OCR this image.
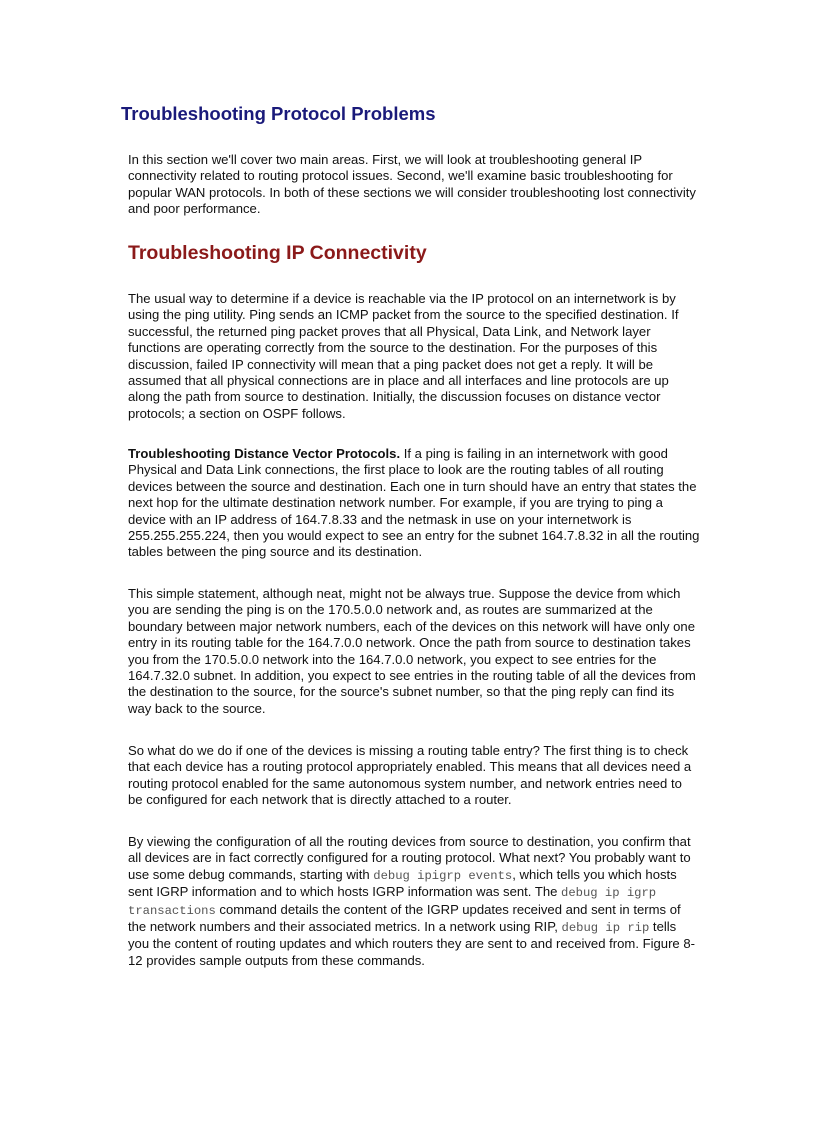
Troubleshooting Protocol Problems

In this section we'll cover two main areas. First, we will look at troubleshooting general IP
connectivity related to routing protocol issues. Second, we'll examine basic troubleshooting for
popular WAN protocols. In both of these sections we will consider troubleshooting lost connectivity
and poor performance.

Troubleshooting IP Connectivity

The usual way to determine if a device is reachable via the IP protocol on an internetwork is by
using the ping utility. Ping sends an ICMP packet from the source to the specified destination. If
successful, the returned ping packet proves that all Physical, Data Link, and Network layer
functions are operating correctly from the source to the destination. For the purposes of this
discussion, failed IP connectivity will mean that a ping packet does not get a reply. It will be
assumed that all physical connections are in place and all interfaces and line protocols are up
along the path from source to destination. Initially, the discussion focuses on distance vector
protocols; a section on OSPF follows.

Troubleshooting Distance Vector Protocols. If a ping is failing in an internetwork with good
Physical and Data Link connections, the first place to look are the routing tables of all routing
devices between the source and destination. Each one in turn should have an entry that states the
next hop for the ultimate destination network number. For example, if you are trying to ping a
device with an IP address of 164.7.8.33 and the netmask in use on your internetwork is
255.255.255.224, then you would expect to see an entry for the subnet 164.7.8.32 in all the routing
tables between the ping source and its destination.

This simple statement, although neat, might not be always true. Suppose the device from which
you are sending the ping is on the 170.5.0.0 network and, as routes are summarized at the
boundary between major network numbers, each of the devices on this network will have only one
entry in its routing table for the 164.7.0.0 network. Once the path from source to destination takes
you from the 170.5.0.0 network into the 164.7.0.0 network, you expect to see entries for the
164.7.32.0 subnet. In addition, you expect to see entries in the routing table of all the devices from
the destination to the source, for the source's subnet number, so that the ping reply can find its
way back to the source.

So what do we do if one of the devices is missing a routing table entry? The first thing is to check
that each device has a routing protocol appropriately enabled. This means that all devices need a
routing protocol enabled for the same autonomous system number, and network entries need to
be configured for each network that is directly attached to a router.

By viewing the configuration of all the routing devices from source to destination, you confirm that
all devices are in fact correctly configured for a routing protocol. What next? You probably want to
use some debug commands, starting with debug ipigrp events, which tells you which hosts
sent IGRP information and to which hosts IGRP information was sent. The debug ip igrp
transactions command details the content of the IGRP updates received and sent in terms of
the network numbers and their associated metrics. In a network using RIP, debug ip rip tells
you the content of routing updates and which routers they are sent to and received from. Figure 8-
12 provides sample outputs from these commands.
